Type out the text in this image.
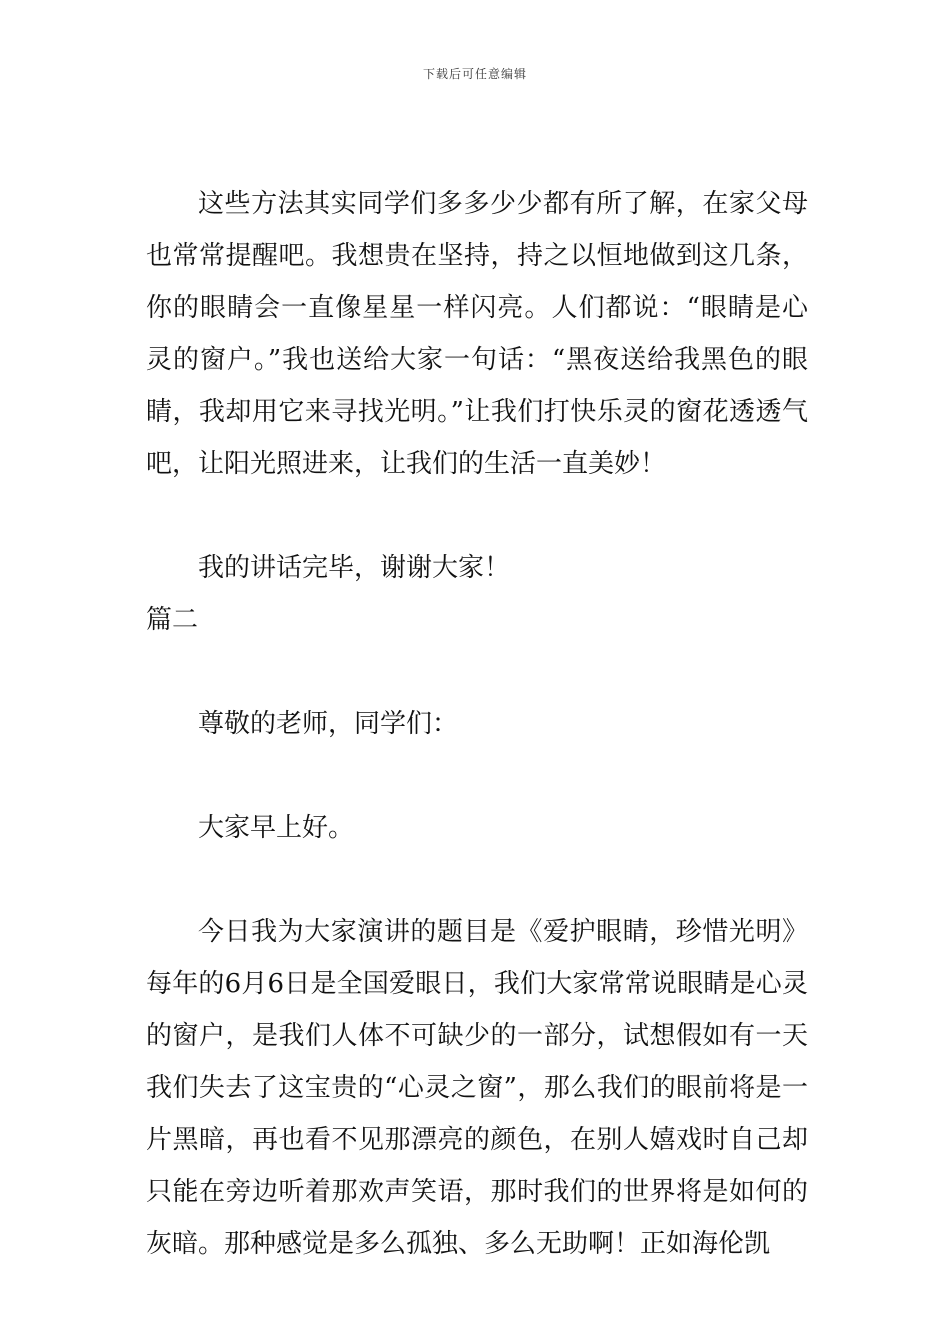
下载后可任意编辑

这些方法其实同学们多多少少都有所了解，在家父母也常常提醒吧。我想贵在坚持，持之以恒地做到这几条，你的眼睛会一直像星星一样闪亮。人们都说：“眼睛是心灵的窗户。”我也送给大家一句话：“黑夜送给我黑色的眼睛，我却用它来寻找光明。”让我们打快乐灵的窗花透透气吧，让阳光照进来，让我们的生活一直美妙！

我的讲话完毕，谢谢大家！

篇二

尊敬的老师，同学们：

大家早上好。

今日我为大家演讲的题目是《爱护眼睛，珍惜光明》每年的6月6日是全国爱眼日，我们大家常常说眼睛是心灵的窗户，是我们人体不可缺少的一部分，试想假如有一天我们失去了这宝贵的“心灵之窗”，那么我们的眼前将是一片黑暗，再也看不见那漂亮的颜色，在别人嬉戏时自己却只能在旁边听着那欢声笑语，那时我们的世界将是如何的灰暗。那种感觉是多么孤独、多么无助啊！正如海伦凯
